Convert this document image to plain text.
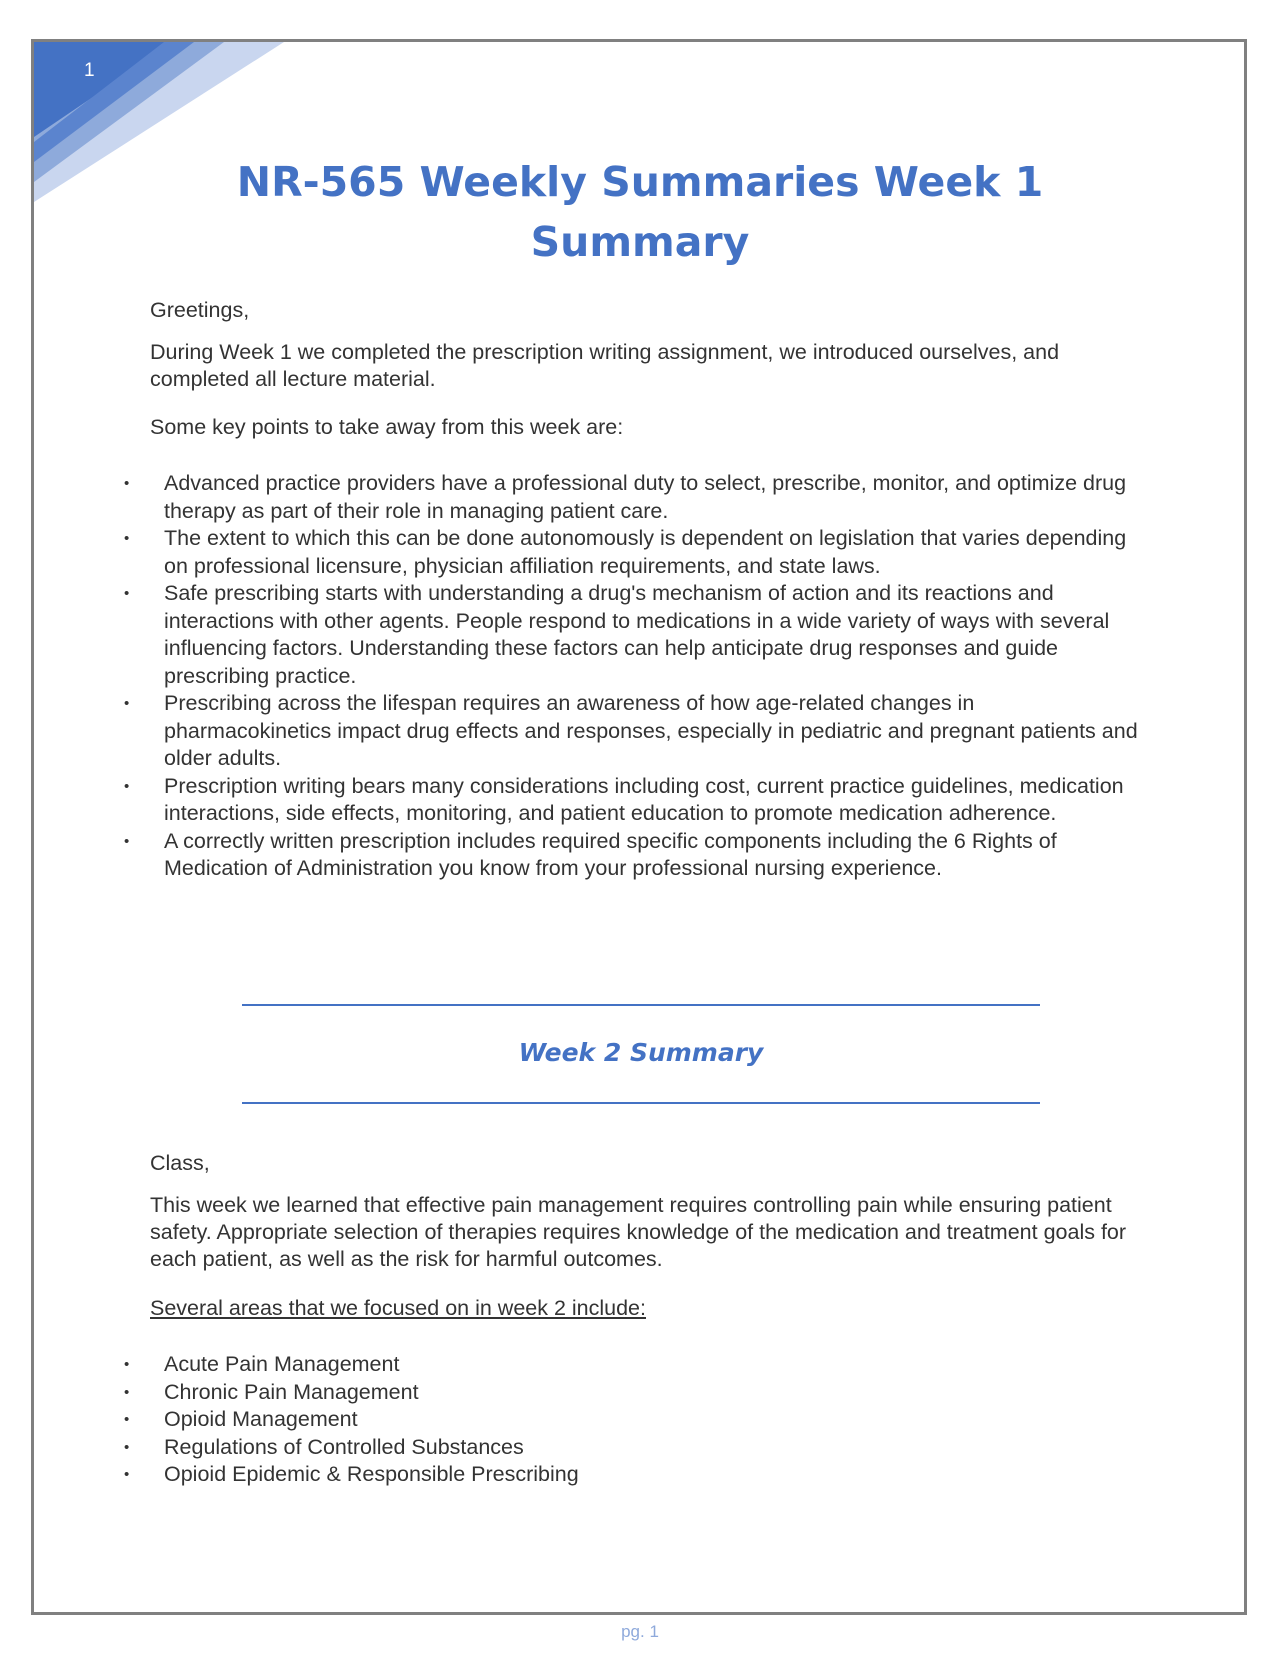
1
NR-565 Weekly Summaries Week 1 Summary

Greetings,

During Week 1 we completed the prescription writing assignment, we introduced ourselves, and completed all lecture material.

Some key points to take away from this week are:

• Advanced practice providers have a professional duty to select, prescribe, monitor, and optimize drug therapy as part of their role in managing patient care.
• The extent to which this can be done autonomously is dependent on legislation that varies depending on professional licensure, physician affiliation requirements, and state laws.
• Safe prescribing starts with understanding a drug's mechanism of action and its reactions and interactions with other agents. People respond to medications in a wide variety of ways with several influencing factors. Understanding these factors can help anticipate drug responses and guide prescribing practice.
• Prescribing across the lifespan requires an awareness of how age-related changes in pharmacokinetics impact drug effects and responses, especially in pediatric and pregnant patients and older adults.
• Prescription writing bears many considerations including cost, current practice guidelines, medication interactions, side effects, monitoring, and patient education to promote medication adherence.
• A correctly written prescription includes required specific components including the 6 Rights of Medication of Administration you know from your professional nursing experience.
Week 2 Summary

Class,

This week we learned that effective pain management requires controlling pain while ensuring patient safety. Appropriate selection of therapies requires knowledge of the medication and treatment goals for each patient, as well as the risk for harmful outcomes.

Several areas that we focused on in week 2 include:

• Acute Pain Management
• Chronic Pain Management
• Opioid Management
• Regulations of Controlled Substances
• Opioid Epidemic & Responsible Prescribing
pg. 1
